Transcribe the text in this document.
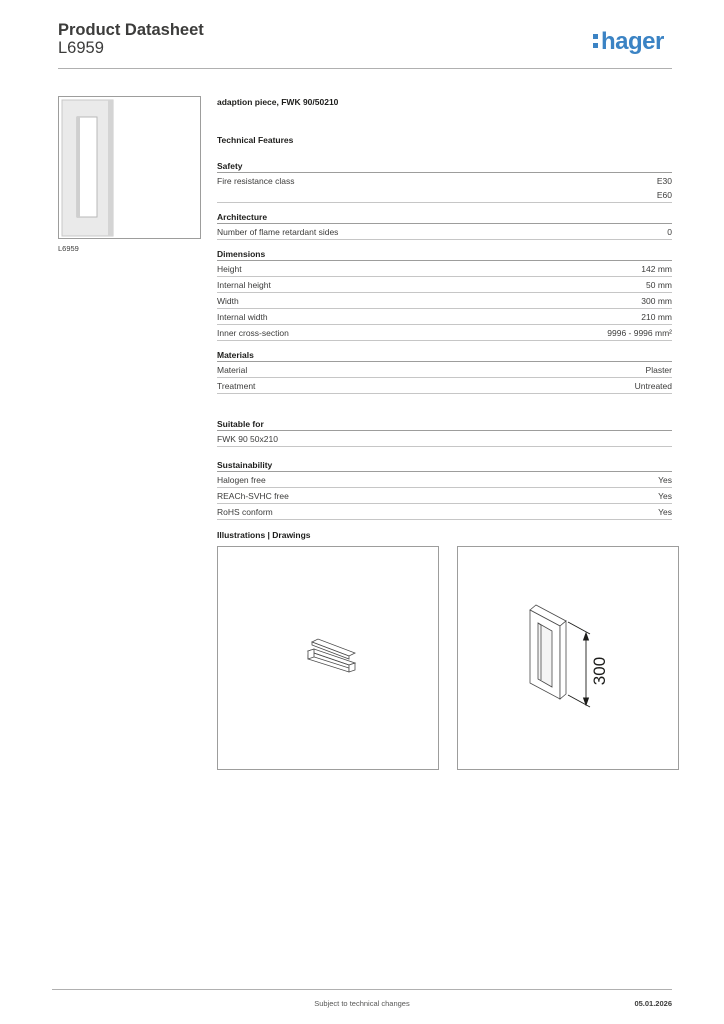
Product Datasheet
L6959	hager
L6959
adaption piece, FWK 90/50210
Technical Features
Safety
Fire resistance class	E30
E60
Architecture
Number of flame retardant sides	0
Dimensions
Height	142 mm
Internal height	50 mm
Width	300 mm
Internal width	210 mm
Inner cross-section	9996 - 9996 mm²
Materials
Material	Plaster
Treatment	Untreated
Suitable for
FWK 90 50x210
Sustainability
Halogen free	Yes
REACh-SVHC free	Yes
RoHS conform	Yes
Illustrations | Drawings
300
Subject to technical changes	05.01.2026
